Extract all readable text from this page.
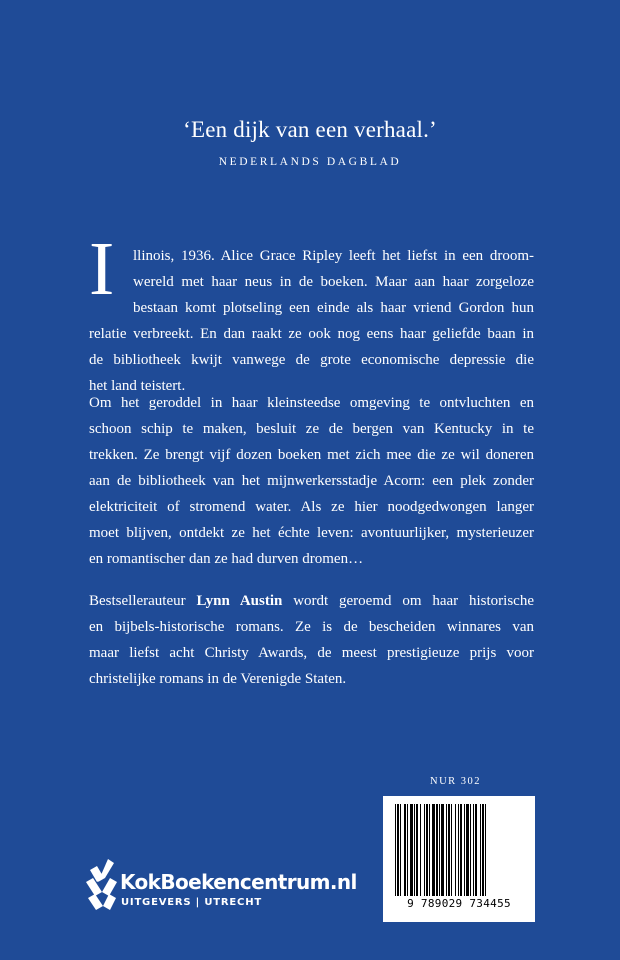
‘Een dijk van een verhaal.’
NEDERLANDS DAGBLAD
I	llinois, 1936. Alice Grace Ripley leeft het liefst in een droom-
wereld met haar neus in de boeken. Maar aan haar zorgeloze
bestaan komt plotseling een einde als haar vriend Gordon hun
relatie verbreekt. En dan raakt ze ook nog eens haar geliefde baan in
de bibliotheek kwijt vanwege de grote economische depressie die
het land teistert.
Om het geroddel in haar kleinsteedse omgeving te ontvluchten en
schoon schip te maken, besluit ze de bergen van Kentucky in te
trekken. Ze brengt vijf dozen boeken met zich mee die ze wil doneren
aan de bibliotheek van het mijnwerkersstadje Acorn: een plek zonder
elektriciteit of stromend water. Als ze hier noodgedwongen langer
moet blijven, ontdekt ze het échte leven: avontuurlijker, mysterieuzer
en romantischer dan ze had durven dromen…
Bestsellerauteur Lynn Austin wordt geroemd om haar historische
en bijbels-historische romans. Ze is de bescheiden winnares van
maar liefst acht Christy Awards, de meest prestigieuze prijs voor
christelijke romans in de Verenigde Staten.
NUR 302
9 789029 734455
KokBoekencentrum.nl
UITGEVERS | UTRECHT
